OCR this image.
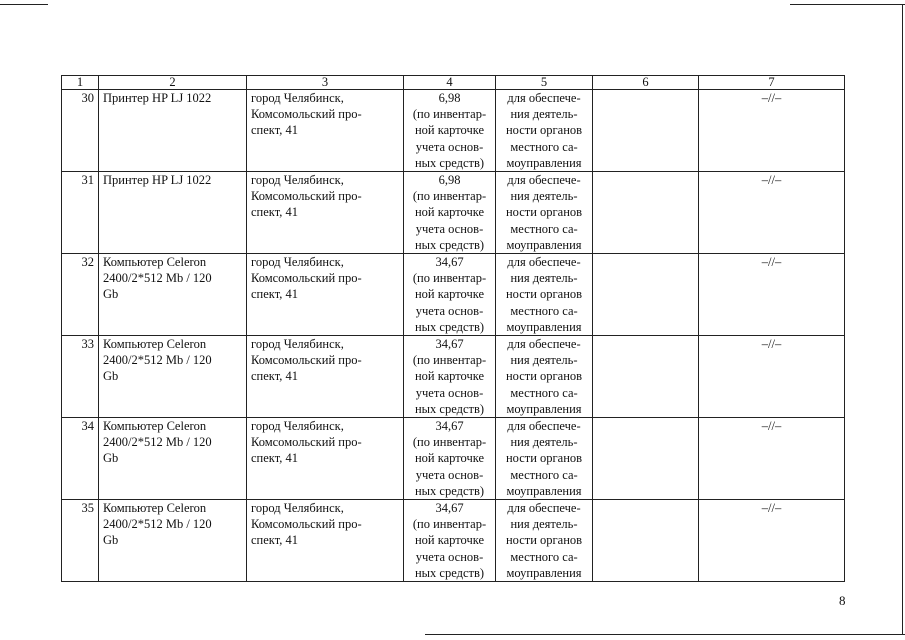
1	2	3	4	5	6	7
30	Принтер HP LJ 1022	город Челябинск,
Комсомольский про-
спект, 41	6,98
(по инвентар-
ной карточке
учета основ-
ных средств)	для обеспече-
ния деятель-
ности органов
местного са-
моуправления		–//–
31	Принтер HP LJ 1022	город Челябинск,
Комсомольский про-
спект, 41	6,98
(по инвентар-
ной карточке
учета основ-
ных средств)	для обеспече-
ния деятель-
ности органов
местного са-
моуправления		–//–
32	Компьютер Celeron
2400/2*512 Mb / 120
Gb	город Челябинск,
Комсомольский про-
спект, 41	34,67
(по инвентар-
ной карточке
учета основ-
ных средств)	для обеспече-
ния деятель-
ности органов
местного са-
моуправления		–//–
33	Компьютер Celeron
2400/2*512 Mb / 120
Gb	город Челябинск,
Комсомольский про-
спект, 41	34,67
(по инвентар-
ной карточке
учета основ-
ных средств)	для обеспече-
ния деятель-
ности органов
местного са-
моуправления		–//–
34	Компьютер Celeron
2400/2*512 Mb / 120
Gb	город Челябинск,
Комсомольский про-
спект, 41	34,67
(по инвентар-
ной карточке
учета основ-
ных средств)	для обеспече-
ния деятель-
ности органов
местного са-
моуправления		–//–
35	Компьютер Celeron
2400/2*512 Mb / 120
Gb	город Челябинск,
Комсомольский про-
спект, 41	34,67
(по инвентар-
ной карточке
учета основ-
ных средств)	для обеспече-
ния деятель-
ности органов
местного са-
моуправления		–//–
8
